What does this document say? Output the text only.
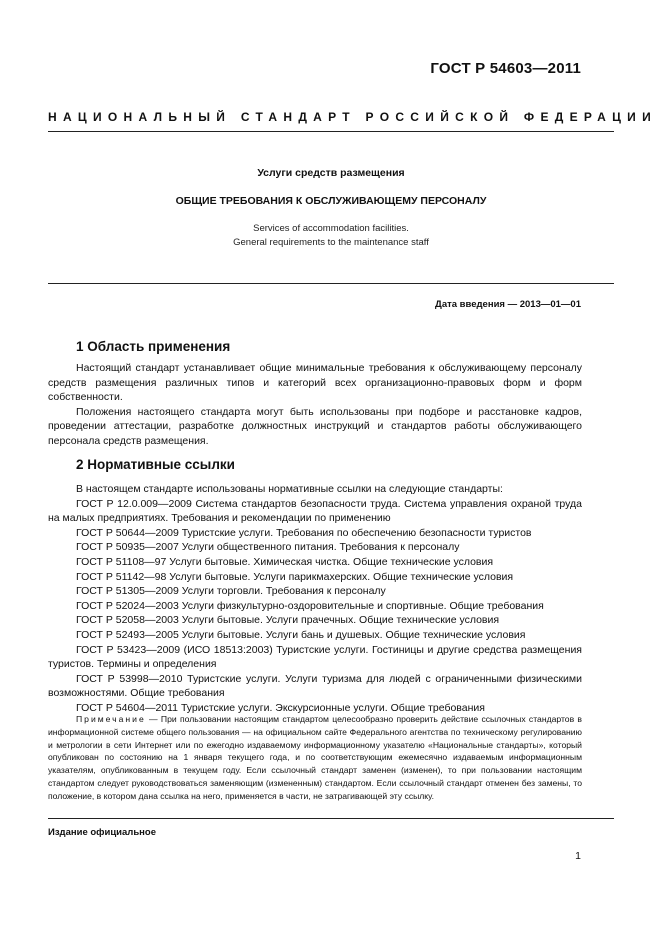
ГОСТ Р 54603—2011
НАЦИОНАЛЬНЫЙ СТАНДАРТ РОССИЙСКОЙ ФЕДЕРАЦИИ
Услуги средств размещения
ОБЩИЕ ТРЕБОВАНИЯ К ОБСЛУЖИВАЮЩЕМУ ПЕРСОНАЛУ
Services of accommodation facilities.
General requirements to the maintenance staff
Дата введения — 2013—01—01
1 Область применения

Настоящий стандарт устанавливает общие минимальные требования к обслуживающему персоналу средств размещения различных типов и категорий всех организационно-правовых форм и форм собственности.

Положения настоящего стандарта могут быть использованы при подборе и расстановке кадров, проведении аттестации, разработке должностных инструкций и стандартов работы обслуживающего персонала средств размещения.

2 Нормативные ссылки

В настоящем стандарте использованы нормативные ссылки на следующие стандарты:

ГОСТ Р 12.0.009—2009 Система стандартов безопасности труда. Система управления охраной труда на малых предприятиях. Требования и рекомендации по применению

ГОСТ Р 50644—2009 Туристские услуги. Требования по обеспечению безопасности туристов

ГОСТ Р 50935—2007 Услуги общественного питания. Требования к персоналу

ГОСТ Р 51108—97 Услуги бытовые. Химическая чистка. Общие технические условия

ГОСТ Р 51142—98 Услуги бытовые. Услуги парикмахерских. Общие технические условия

ГОСТ Р 51305—2009 Услуги торговли. Требования к персоналу

ГОСТ Р 52024—2003 Услуги физкультурно-оздоровительные и спортивные. Общие требования

ГОСТ Р 52058—2003 Услуги бытовые. Услуги прачечных. Общие технические условия

ГОСТ Р 52493—2005 Услуги бытовые. Услуги бань и душевых. Общие технические условия

ГОСТ Р 53423—2009 (ИСО 18513:2003) Туристские услуги. Гостиницы и другие средства размещения туристов. Термины и определения

ГОСТ Р 53998—2010 Туристские услуги. Услуги туризма для людей с ограниченными физическими возможностями. Общие требования

ГОСТ Р 54604—2011 Туристские услуги. Экскурсионные услуги. Общие требования

Примечание — При пользовании настоящим стандартом целесообразно проверить действие ссылочных стандартов в информационной системе общего пользования — на официальном сайте Федерального агентства по техническому регулированию и метрологии в сети Интернет или по ежегодно издаваемому информационному указателю «Национальные стандарты», который опубликован по состоянию на 1 января текущего года, и по соответствующим ежемесячно издаваемым информационным указателям, опубликованным в текущем году. Если ссылочный стандарт заменен (изменен), то при пользовании настоящим стандартом следует руководствоваться заменяющим (измененным) стандартом. Если ссылочный стандарт отменен без замены, то положение, в котором дана ссылка на него, применяется в части, не затрагивающей эту ссылку.
Издание официальное
1
